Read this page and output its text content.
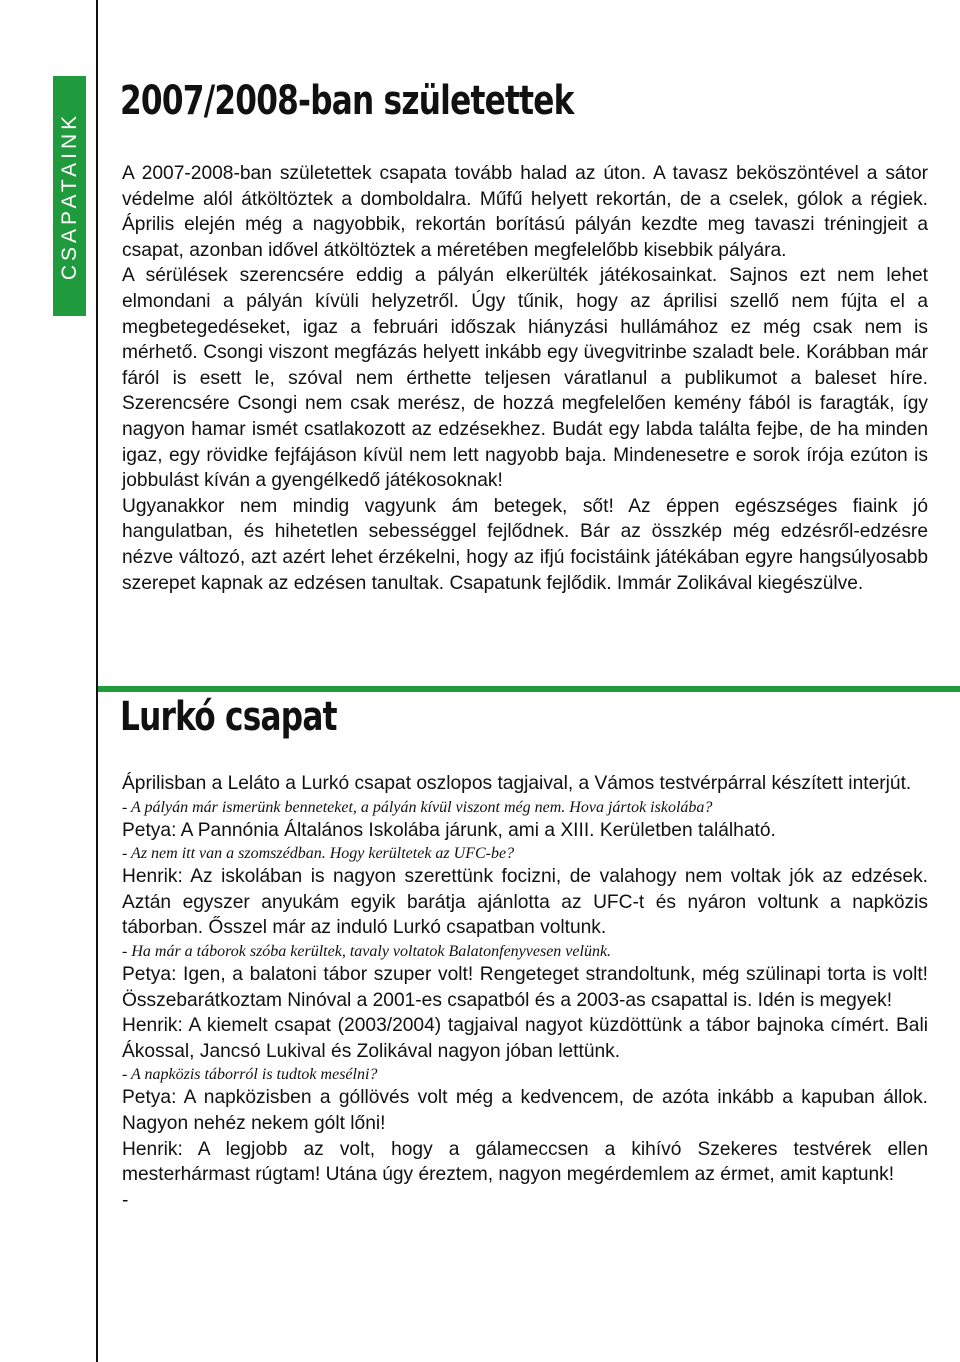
CSAPATAINK
2007/2008-ban születettek

A 2007-2008-ban születettek csapata tovább halad az úton. A tavasz beköszöntével a sátor védelme alól átköltöztek a domboldalra. Műfű helyett rekortán, de a cselek, gólok a régiek. Április elején még a nagyobbik, rekortán borítású pályán kezdte meg tavaszi tréningjeit a csapat, azonban idővel átköltöztek a méretében megfelelőbb kisebbik pályára.

A sérülések szerencsére eddig a pályán elkerülték játékosainkat. Sajnos ezt nem lehet elmondani a pályán kívüli helyzetről. Úgy tűnik, hogy az áprilisi szellő nem fújta el a megbetegedéseket, igaz a februári időszak hiányzási hullámához ez még csak nem is mérhető. Csongi viszont megfázás helyett inkább egy üvegvitrinbe szaladt bele. Korábban már fáról is esett le, szóval nem érthette teljesen váratlanul a publikumot a baleset híre. Szerencsére Csongi nem csak merész, de hozzá megfelelően kemény fából is faragták, így nagyon hamar ismét csatlakozott az edzésekhez. Budát egy labda találta fejbe, de ha minden igaz, egy rövidke fejfájáson kívül nem lett nagyobb baja. Mindenesetre e sorok írója ezúton is jobbulást kíván a gyengélkedő játékosoknak!

Ugyanakkor nem mindig vagyunk ám betegek, sőt! Az éppen egészséges fiaink jó hangulatban, és hihetetlen sebességgel fejlődnek. Bár az összkép még edzésről-edzésre nézve változó, azt azért lehet érzékelni, hogy az ifjú focistáink játékában egyre hangsúlyosabb szerepet kapnak az edzésen tanultak. Csapatunk fejlődik. Immár Zolikával kiegészülve.

Lurkó csapat

Áprilisban a Leláto a Lurkó csapat oszlopos tagjaival, a Vámos testvérpárral készített interjút.

- A pályán már ismerünk benneteket, a pályán kívül viszont még nem. Hova jártok iskolába?

Petya: A Pannónia Általános Iskolába járunk, ami a XIII. Kerületben található.

- Az nem itt van a szomszédban. Hogy kerültetek az UFC-be?

Henrik: Az iskolában is nagyon szerettünk focizni, de valahogy nem voltak jók az edzések. Aztán egyszer anyukám egyik barátja ajánlotta az UFC-t és nyáron voltunk a napközis táborban. Ősszel már az induló Lurkó csapatban voltunk.

- Ha már a táborok szóba kerültek, tavaly voltatok Balatonfenyvesen velünk.

Petya: Igen, a balatoni tábor szuper volt! Rengeteget strandoltunk, még szülinapi torta is volt! Összebarátkoztam Ninóval a 2001-es csapatból és a 2003-as csapattal is. Idén is megyek!

Henrik: A kiemelt csapat (2003/2004) tagjaival nagyot küzdöttünk a tábor bajnoka címért. Bali Ákossal, Jancsó Lukival és Zolikával nagyon jóban lettünk.

- A napközis táborról is tudtok mesélni?

Petya: A napközisben a góllövés volt még a kedvencem, de azóta inkább a kapuban állok. Nagyon nehéz nekem gólt lőni!

Henrik: A legjobb az volt, hogy a gálameccsen a kihívó Szekeres testvérek ellen mesterhármast rúgtam! Utána úgy éreztem, nagyon megérdemlem az érmet, amit kaptunk!

-
